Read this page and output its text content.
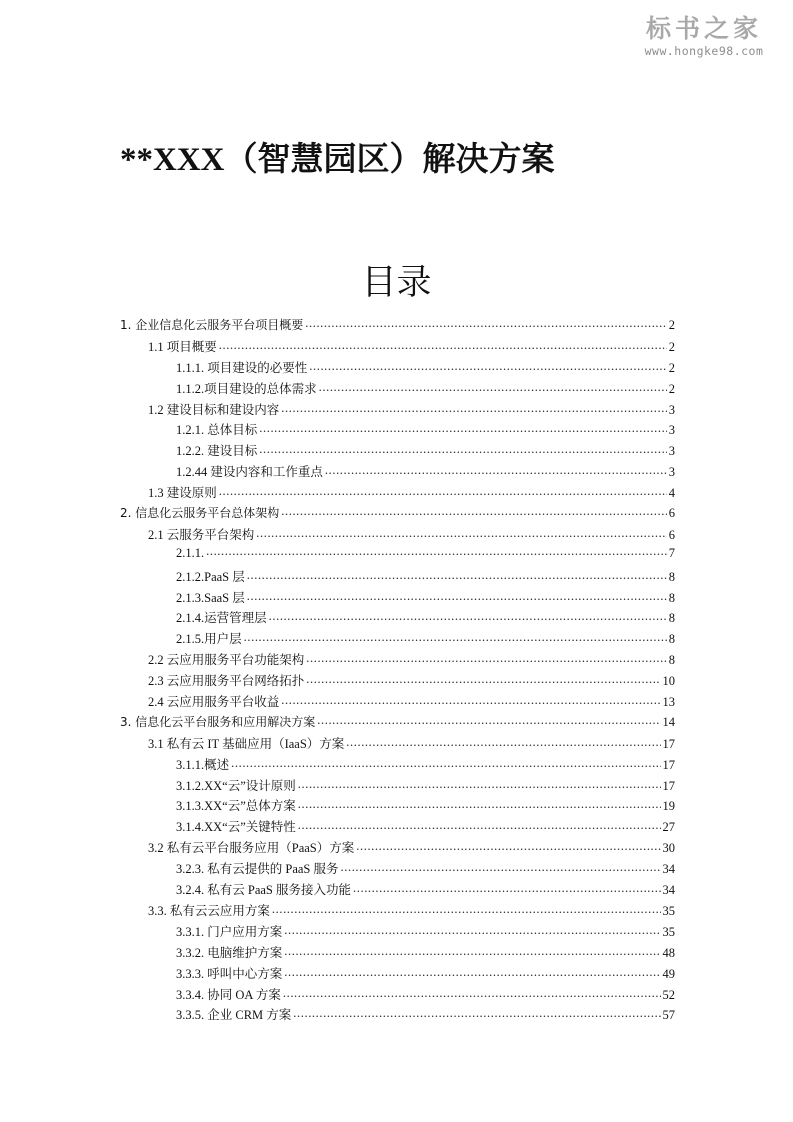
标书之家
www.hongke98.com
**XXX（智慧园区）解决方案
目录
1. 企业信息化云服务平台项目概要 .....	2
1.1 项目概要 .....	2
1.1.1. 项目建设的必要性 .....	2
1.1.2.项目建设的总体需求 .....	2
1.2 建设目标和建设内容 .....	3
1.2.1. 总体目标 .....	3
1.2.2. 建设目标 .....	3
1.2.44 建设内容和工作重点 .....	3
1.3 建设原则 .....	4
2. 信息化云服务平台总体架构 .....	6
2.1 云服务平台架构 .....	6
2.1.1. .....	7
2.1.2.PaaS 层 .....	8
2.1.3.SaaS 层 .....	8
2.1.4.运营管理层 .....	8
2.1.5.用户层 .....	8
2.2 云应用服务平台功能架构 .....	8
2.3 云应用服务平台网络拓扑 .....	10
2.4 云应用服务平台收益 .....	13
3. 信息化云平台服务和应用解决方案 .....	14
3.1 私有云 IT 基础应用（IaaS）方案 .....	17
3.1.1.概述 .....	17
3.1.2.XX“云”设计原则 .....	17
3.1.3.XX“云”总体方案 .....	19
3.1.4.XX“云”关键特性 .....	27
3.2 私有云平台服务应用（PaaS）方案 .....	30
3.2.3. 私有云提供的 PaaS 服务 .....	34
3.2.4. 私有云 PaaS 服务接入功能 .....	34
3.3. 私有云云应用方案 .....	35
3.3.1. 门户应用方案 .....	35
3.3.2. 电脑维护方案 .....	48
3.3.3. 呼叫中心方案 .....	49
3.3.4. 协同 OA 方案 .....	52
3.3.5. 企业 CRM 方案 .....	57
